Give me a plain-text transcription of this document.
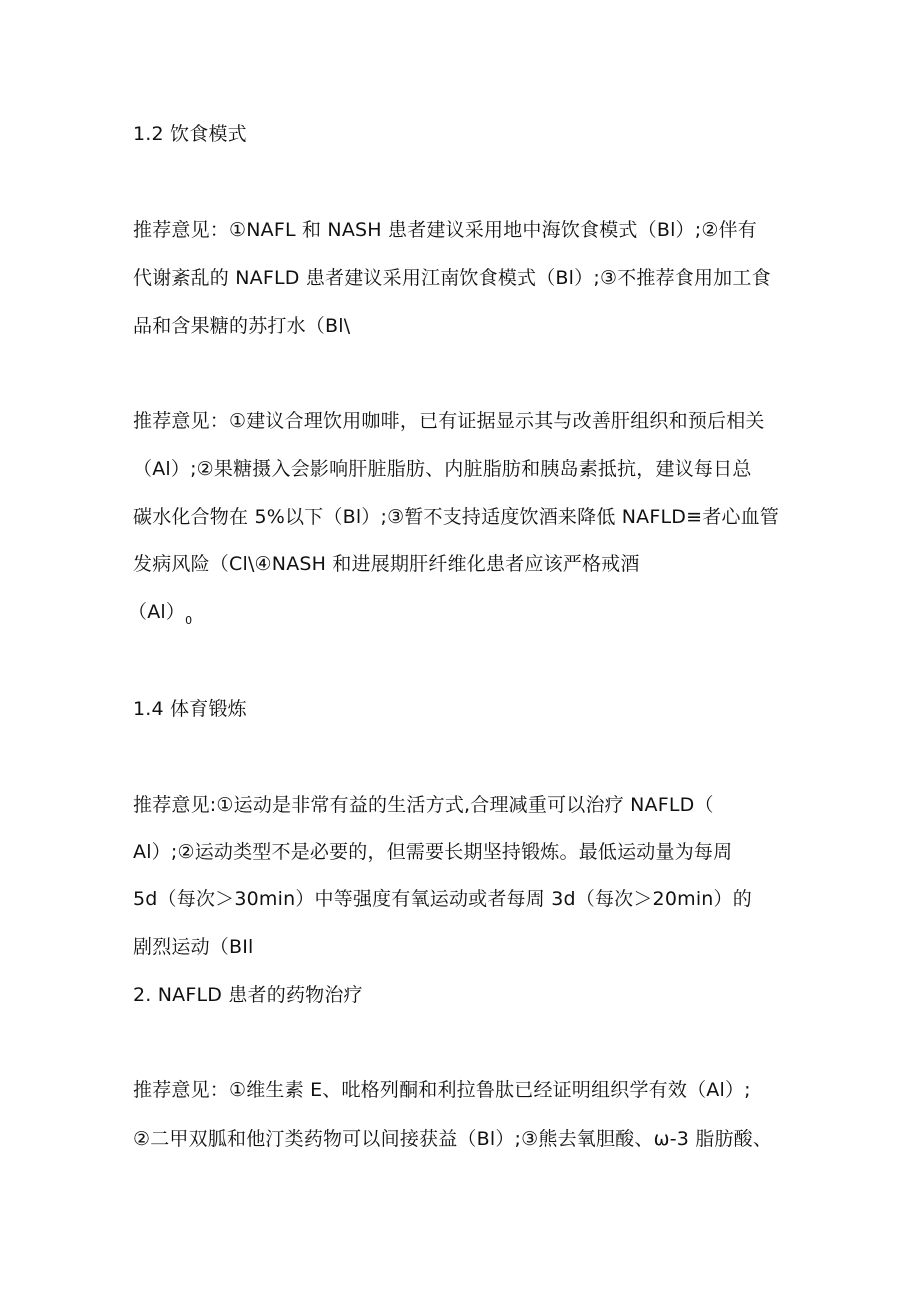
1.2 饮食模式
推荐意见：①NAFL 和 NASH 患者建议采用地中海饮食模式（Bl）;②伴有
代谢紊乱的 NAFLD 患者建议采用江南饮食模式（Bl）;③不推荐食用加工食
品和含果糖的苏打水（Bl\
推荐意见：①建议合理饮用咖啡，已有证据显示其与改善肝组织和预后相关
（Al）;②果糖摄入会影响肝脏脂肪、内脏脂肪和胰岛素抵抗，建议每日总
碳水化合物在 5%以下（Bl）;③暂不支持适度饮酒来降低 NAFLD≡者心血管
发病风险（Cl\④NASH 和进展期肝纤维化患者应该严格戒酒
$(Al)_0$
1.4 体育锻炼
推荐意见:①运动是非常有益的生活方式,合理减重可以治疗 NAFLD（
Al）;②运动类型不是必要的，但需要长期坚持锻炼。最低运动量为每周
5d（每次＞30min）中等强度有氧运动或者每周 3d（每次＞20min）的
剧烈运动（BIl
2. NAFLD 患者的药物治疗
推荐意见：①维生素 E、吡格列酮和利拉鲁肽已经证明组织学有效（Al）;
②二甲双胍和他汀类药物可以间接获益（Bl）;③熊去氧胆酸、ω-3 脂肪酸、
